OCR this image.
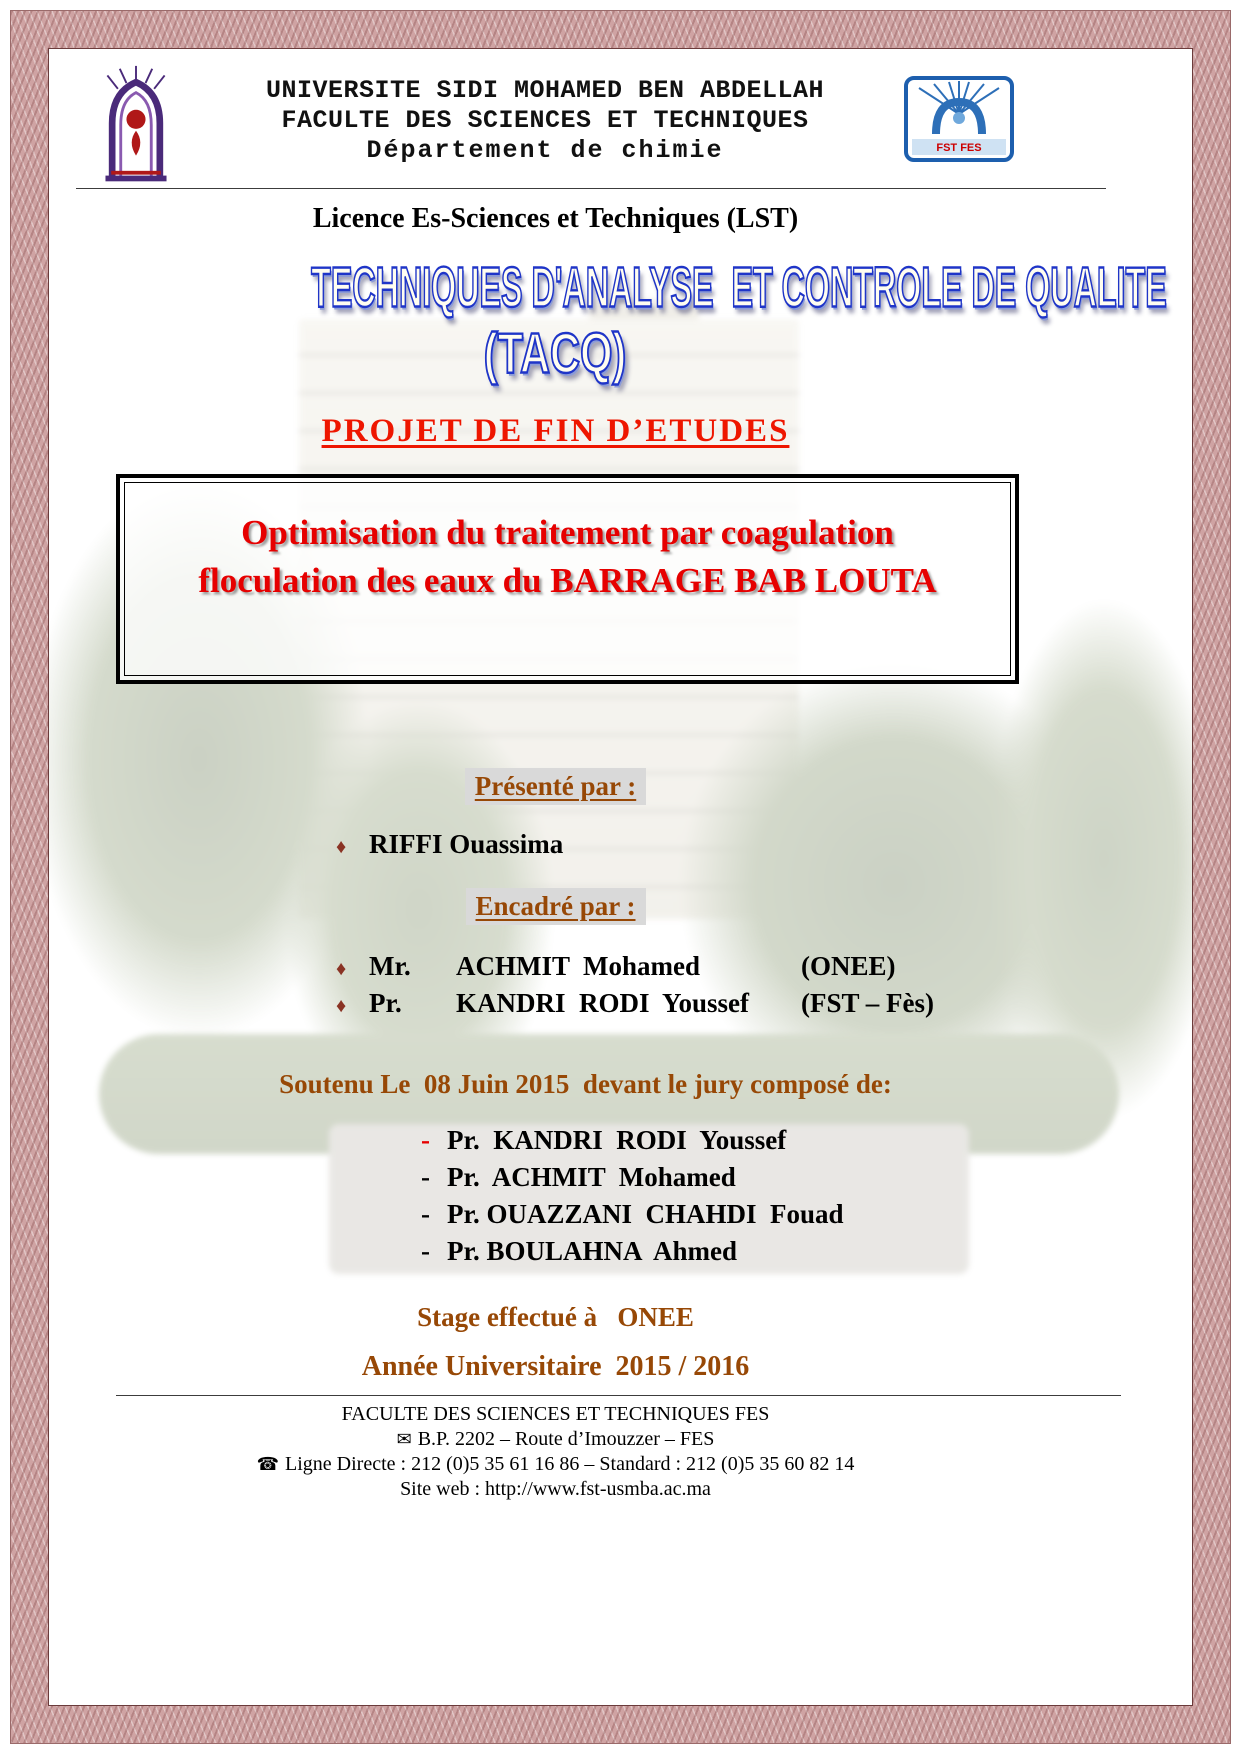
UNIVERSITE SIDI MOHAMED BEN ABDELLAH
FACULTE DES SCIENCES ET TECHNIQUES
Département de chimie	FST FES
Licence Es-Sciences et Techniques (LST)
TECHNIQUES D'ANALYSE  ET CONTROLE DE QUALITE
(TACQ)
PROJET DE FIN D’ETUDES
Optimisation du traitement par coagulation
floculation des eaux du BARRAGE BAB LOUTA
Présenté par :
♦ RIFFI Ouassima
Encadré par :
♦ Mr.	ACHMIT  Mohamed	(ONEE)
♦ Pr.	KANDRI  RODI  Youssef	(FST – Fès)
Soutenu Le  08 Juin 2015  devant le jury composé de:
- Pr.  KANDRI  RODI  Youssef
- Pr.  ACHMIT  Mohamed
- Pr. OUAZZANI  CHAHDI  Fouad
- Pr. BOULAHNA  Ahmed
Stage effectué à   ONEE
Année Universitaire  2015 / 2016
FACULTE DES SCIENCES ET TECHNIQUES FES
✉ B.P. 2202 – Route d’Imouzzer – FES
☎ Ligne Directe : 212 (0)5 35 61 16 86 – Standard : 212 (0)5 35 60 82 14
Site web : http://www.fst-usmba.ac.ma
